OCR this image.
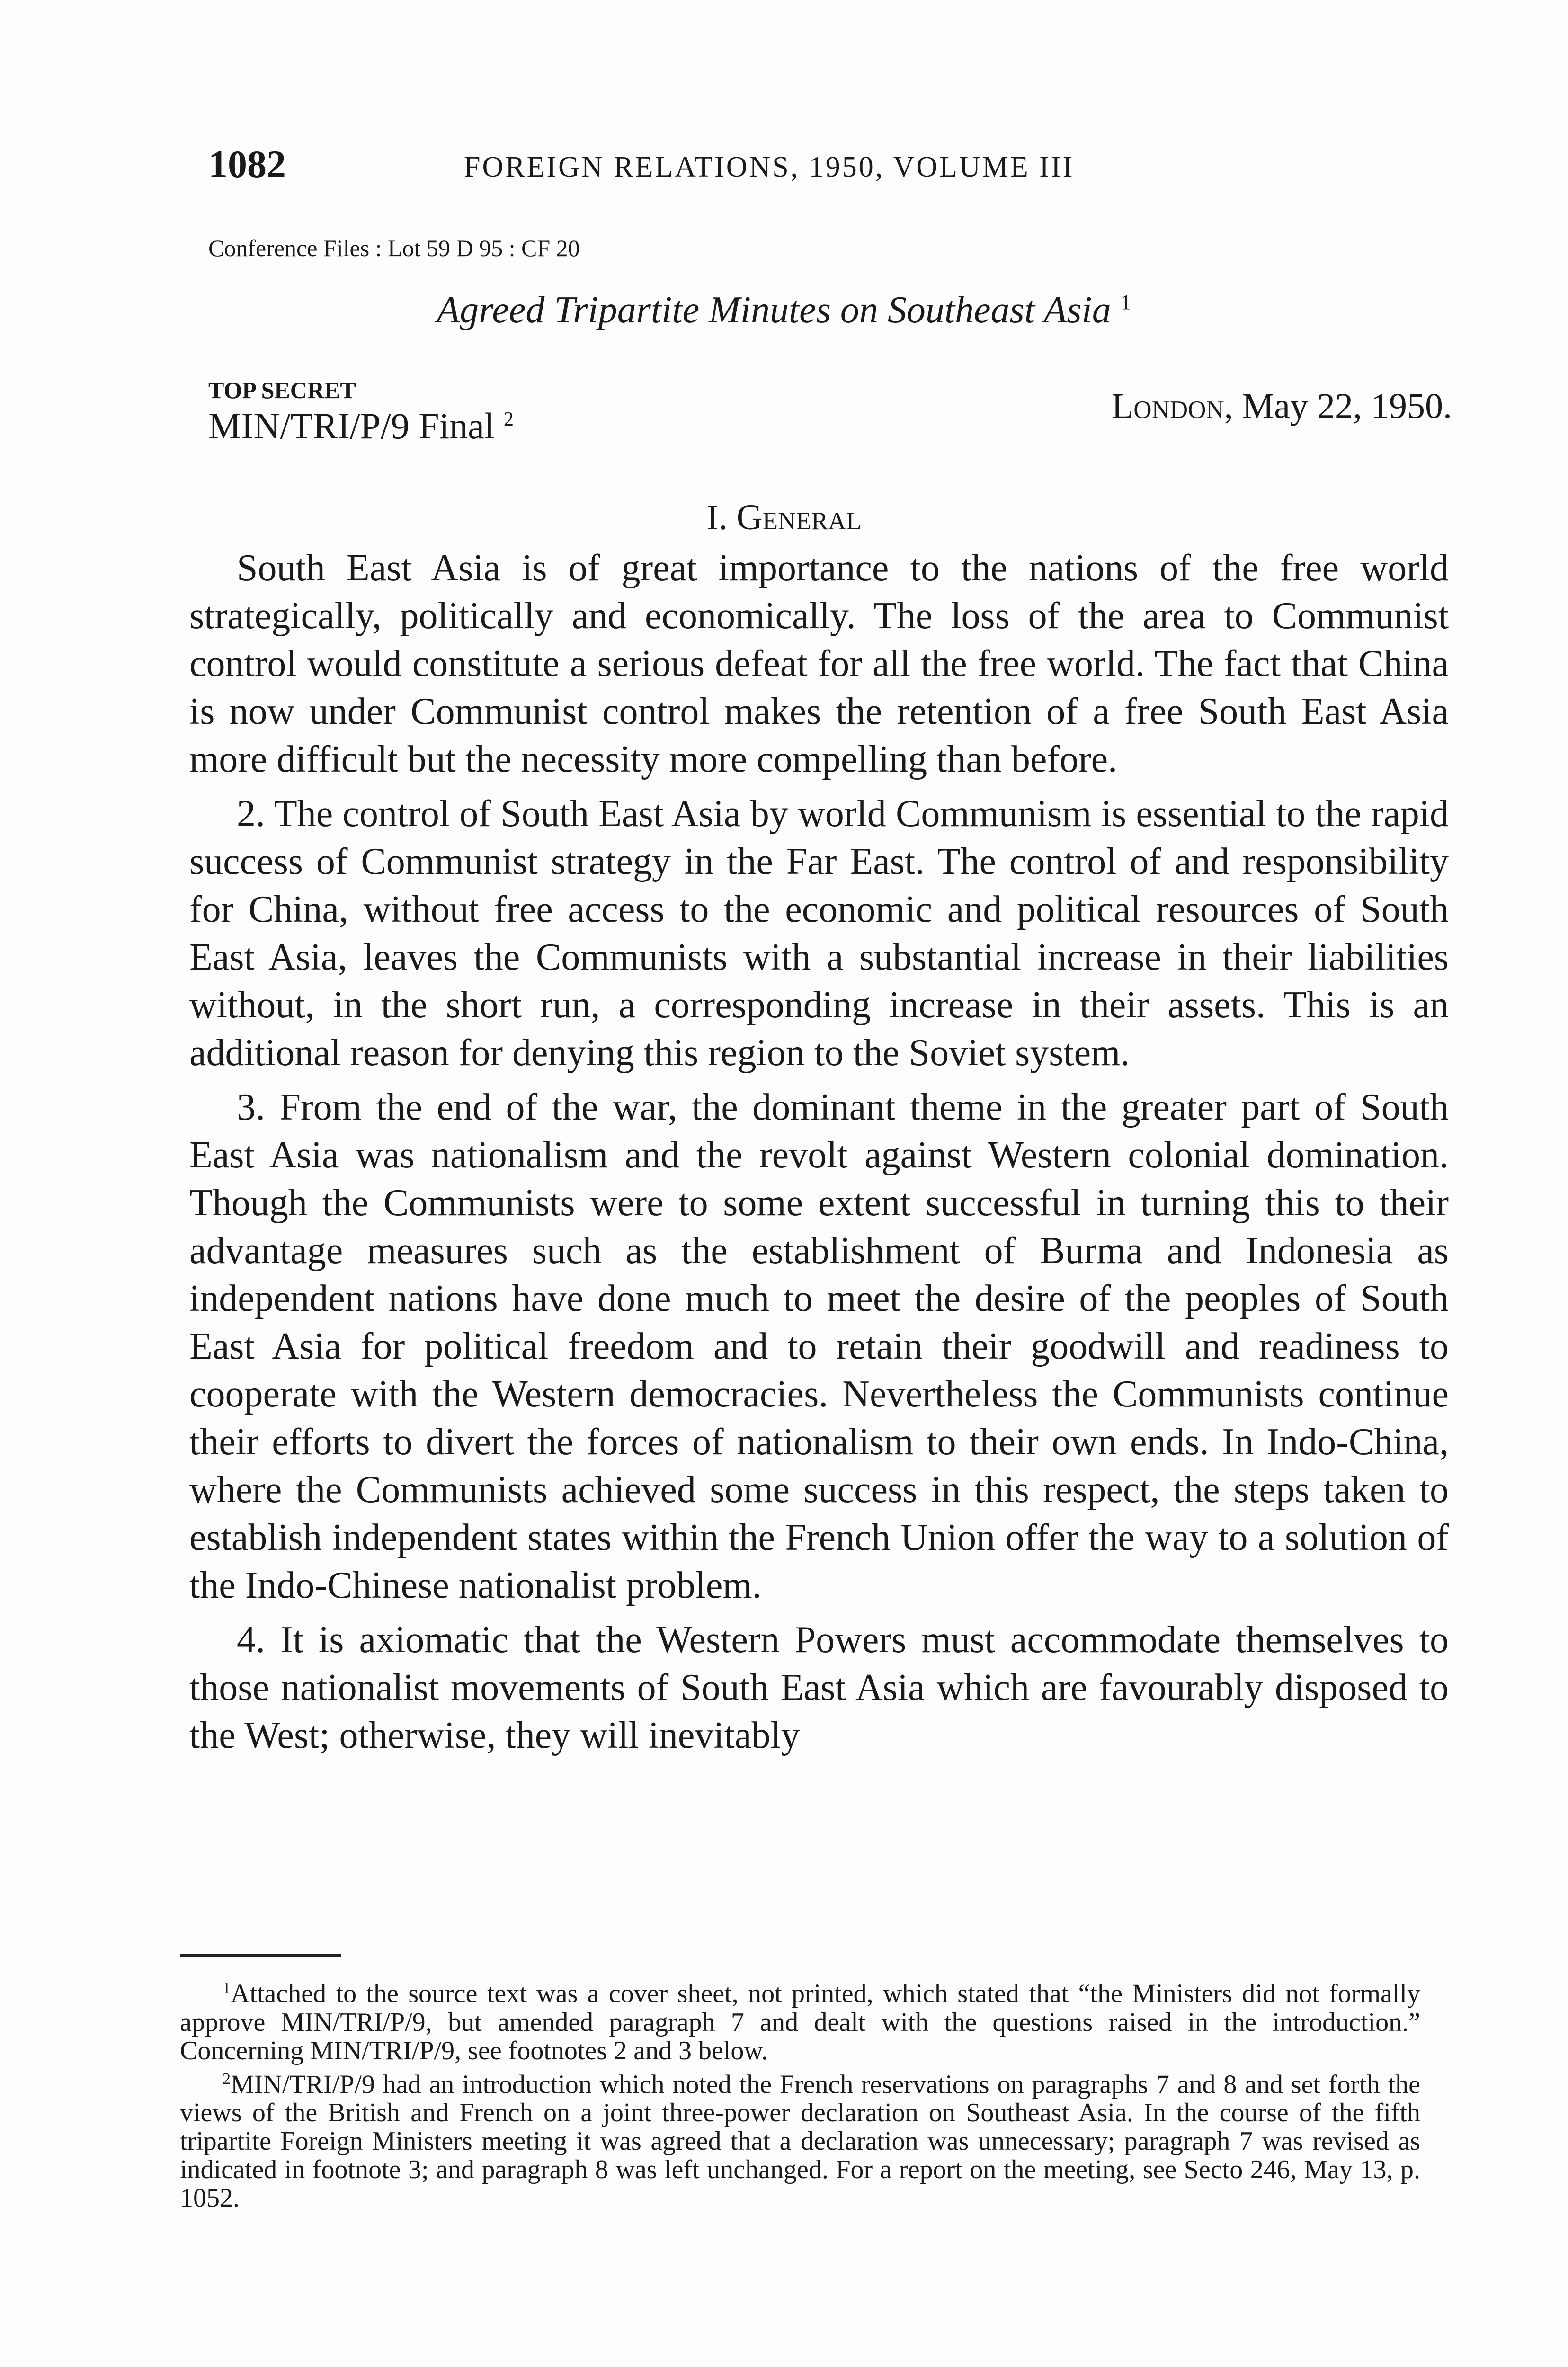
1082	FOREIGN RELATIONS, 1950, VOLUME III
Conference Files : Lot 59 D 95 : CF 20
Agreed Tripartite Minutes on Southeast Asia $^1$
TOP SECRET
MIN/TRI/P/9 Final $^2$	London, May 22, 1950.
I. General

South East Asia is of great importance to the nations of the free world strategically, politically and economically. The loss of the area to Communist control would constitute a serious defeat for all the free world. The fact that China is now under Communist control makes the retention of a free South East Asia more difficult but the necessity more compelling than before.

2. The control of South East Asia by world Communism is essential to the rapid success of Communist strategy in the Far East. The control of and responsibility for China, without free access to the economic and political resources of South East Asia, leaves the Communists with a substantial increase in their liabilities without, in the short run, a corresponding increase in their assets. This is an additional reason for denying this region to the Soviet system.

3. From the end of the war, the dominant theme in the greater part of South East Asia was nationalism and the revolt against Western colonial domination. Though the Communists were to some extent successful in turning this to their advantage measures such as the establishment of Burma and Indonesia as independent nations have done much to meet the desire of the peoples of South East Asia for political freedom and to retain their goodwill and readiness to cooperate with the Western democracies. Nevertheless the Communists continue their efforts to divert the forces of nationalism to their own ends. In Indo-China, where the Communists achieved some success in this respect, the steps taken to establish independent states within the French Union offer the way to a solution of the Indo-Chinese nationalist problem.

4. It is axiomatic that the Western Powers must accommodate themselves to those nationalist movements of South East Asia which are favourably disposed to the West; otherwise, they will inevitably

$^1$Attached to the source text was a cover sheet, not printed, which stated that “the Ministers did not formally approve MIN/TRI/P/9, but amended paragraph 7 and dealt with the questions raised in the introduction.” Concerning MIN/TRI/P/9, see footnotes 2 and 3 below.

$^2$MIN/TRI/P/9 had an introduction which noted the French reservations on paragraphs 7 and 8 and set forth the views of the British and French on a joint three-power declaration on Southeast Asia. In the course of the fifth tripartite Foreign Ministers meeting it was agreed that a declaration was unnecessary; paragraph 7 was revised as indicated in footnote 3; and paragraph 8 was left unchanged. For a report on the meeting, see Secto 246, May 13, p. 1052.
